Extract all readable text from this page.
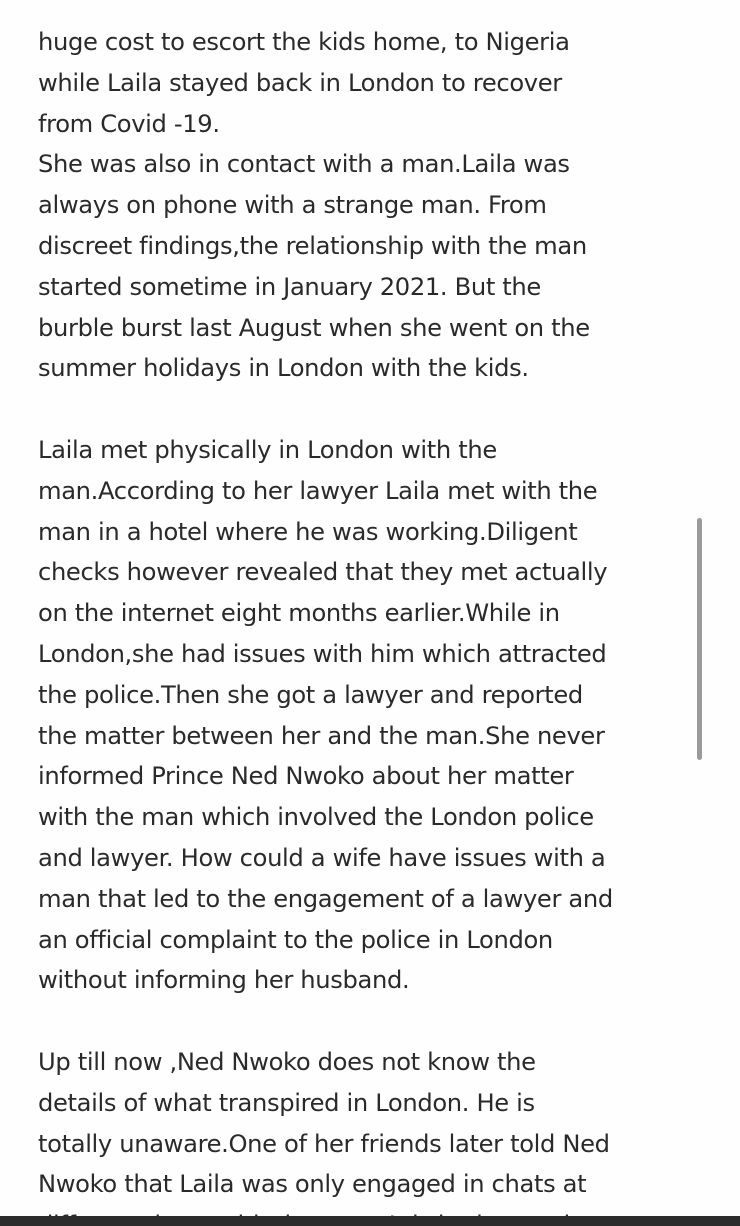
huge cost to escort the kids home, to Nigeria
while Laila stayed back in London to recover
from Covid -19.
She was also in contact with a man.Laila was
always on phone with a strange man. From
discreet findings,the relationship with the man
started sometime in January 2021. But the
burble burst last August when she went on the
summer holidays in London with the kids.
Laila met physically in London with the
man.According to her lawyer Laila met with the
man in a hotel where he was working.Diligent
checks however revealed that they met actually
on the internet eight months earlier.While in
London,she had issues with him which attracted
the police.Then she got a lawyer and reported
the matter between her and the man.She never
informed Prince Ned Nwoko about her matter
with the man which involved the London police
and lawyer. How could a wife have issues with a
man that led to the engagement of a lawyer and
an official complaint to the police in London
without informing her husband.
Up till now ,Ned Nwoko does not know the
details of what transpired in London. He is
totally unaware.One of her friends later told Ned
Nwoko that Laila was only engaged in chats at
